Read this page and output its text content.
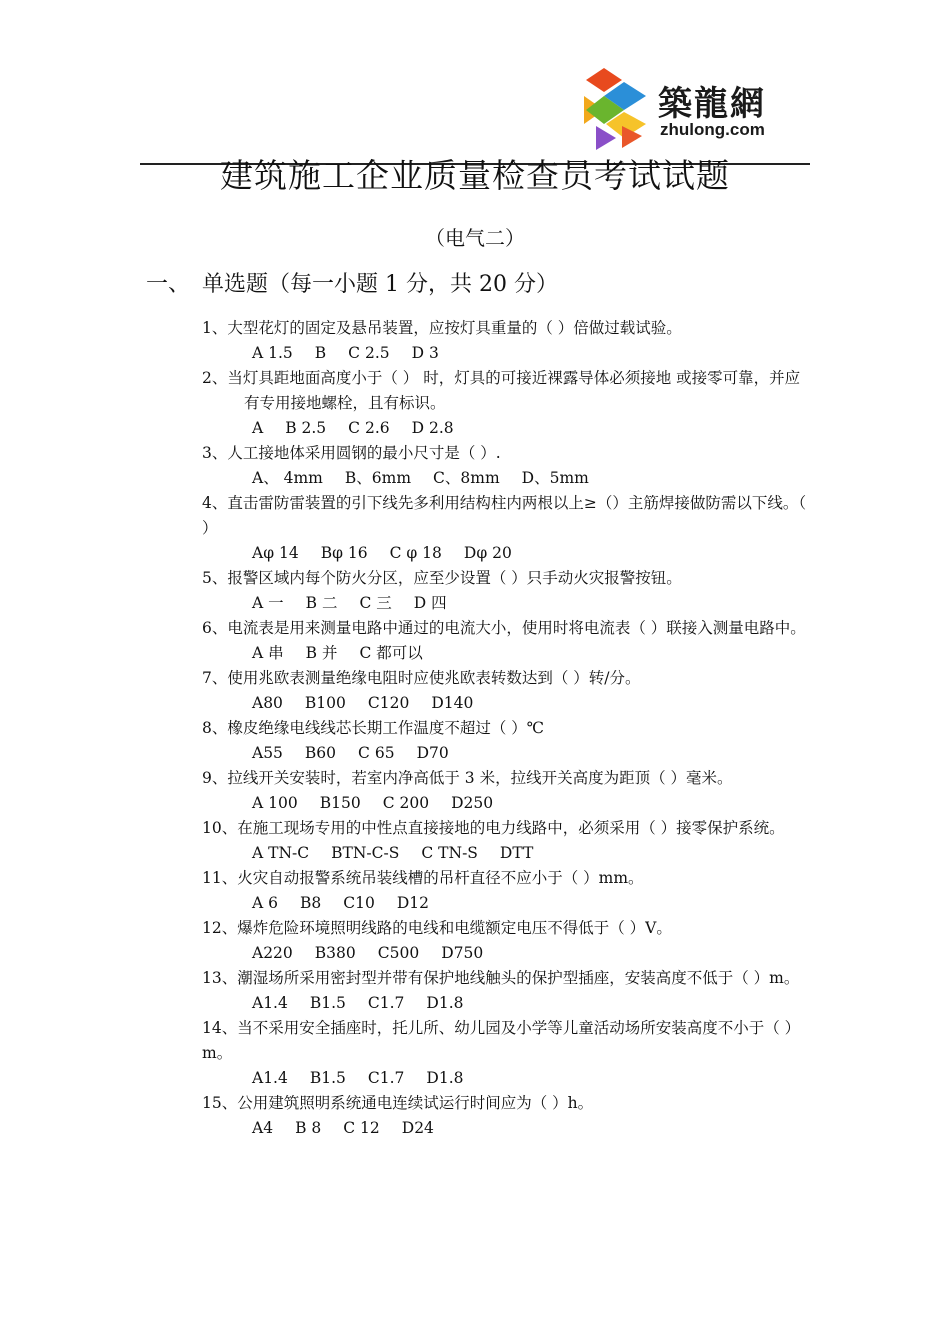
築龍網
zhulong.com
建筑施工企业质量检查员考试试题
（电气二）
一、 单选题（每一小题 1 分，共 20 分）

1、大型花灯的固定及悬吊装置，应按灯具重量的（ ）倍做过载试验。

A 1.5 B C 2.5 D 3

2、当灯具距地面高度小于（ ） 时，灯具的可接近裸露导体必须接地 或接零可靠，并应有专用接地螺栓，且有标识。

A B 2.5 C 2.6 D 2.8

3、人工接地体采用圆钢的最小尺寸是（ ）.

A、 4mm B、6mm C、8mm D、5mm

4、直击雷防雷装置的引下线先多利用结构柱内两根以上≥（）主筋焊接做防需以下线。（ ）

Aφ 14 Bφ 16 C φ 18 Dφ 20

5、报警区域内每个防火分区，应至少设置（ ）只手动火灾报警按钮。

A 一 B 二 C 三 D 四

6、电流表是用来测量电路中通过的电流大小，使用时将电流表（ ）联接入测量电路中。

A 串 B 并 C 都可以

7、使用兆欧表测量绝缘电阻时应使兆欧表转数达到（ ）转/分。

A80 B100 C120 D140

8、橡皮绝缘电线线芯长期工作温度不超过（ ）℃

A55 B60 C 65 D70

9、拉线开关安装时，若室内净高低于 3 米，拉线开关高度为距顶（ ）毫米。

A 100 B150 C 200 D250

10、在施工现场专用的中性点直接接地的电力线路中，必须采用（ ）接零保护系统。

A TN-C BTN-C-S C TN-S DTT

11、火灾自动报警系统吊装线槽的吊杆直径不应小于（ ）mm。

A 6 B8 C10 D12

12、爆炸危险环境照明线路的电线和电缆额定电压不得低于（ ）V。

A220 B380 C500 D750

13、潮湿场所采用密封型并带有保护地线触头的保护型插座，安装高度不低于（ ）m。

A1.4 B1.5 C1.7 D1.8

14、当不采用安全插座时，托儿所、幼儿园及小学等儿童活动场所安装高度不小于（ ）m。

A1.4 B1.5 C1.7 D1.8

15、公用建筑照明系统通电连续试运行时间应为（ ）h。

A4 B 8 C 12 D24
